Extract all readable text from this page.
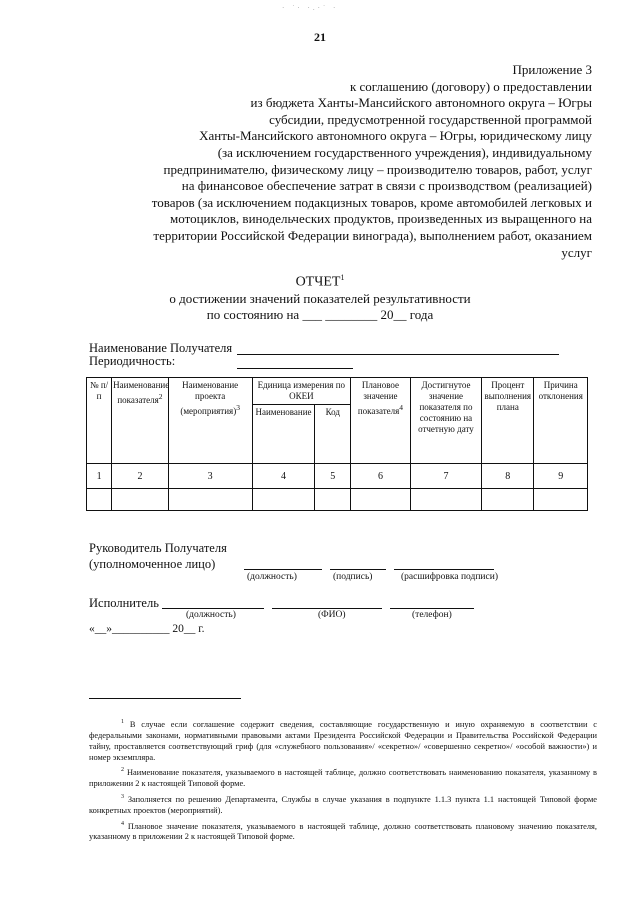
· ˙· ·.·˙ ·
21
Приложение 3
к соглашению (договору) о предоставлении
из бюджета Ханты-Мансийского автономного округа – Югры
субсидии, предусмотренной государственной программой
Ханты-Мансийского автономного округа – Югры, юридическому лицу
(за исключением государственного учреждения), индивидуальному
предпринимателю, физическому лицу – производителю товаров, работ, услуг
на финансовое обеспечение затрат в связи с производством (реализацией)
товаров (за исключением подакцизных товаров, кроме автомобилей легковых и
мотоциклов, винодельческих продуктов, произведенных из выращенного на
территории Российской Федерации винограда), выполнением работ, оказанием
услуг
ОТЧЕТ$^1$
о достижении значений показателей результативности
по состоянию на ___ ________ 20__ года
Наименование Получателя
Периодичность:
№ п/п	Наименование показателя$^2$	Наименование проекта (мероприятия)$^3$	Единица измерения по ОКЕИ		Плановое значение показателя$^4$	Достигнутое значение показателя по состоянию на отчетную дату	Процент выполнения плана	Причина отклонения
			Наименование	Код				
1	2	3	4	5	6	7	8	9

Руководитель Получателя
(уполномоченное лицо)
(должность)	(подпись)	(расшифровка подписи)
Исполнитель
(должность)	(ФИО)	(телефон)
«__»__________ 20__ г.

$^1$ В случае если соглашение содержит сведения, составляющие государственную и иную охраняемую в соответствии с федеральными законами, нормативными правовыми актами Президента Российской Федерации и Правительства Российской Федерации тайну, проставляется соответствующий гриф (для «служебного пользования»/ «секретно»/ «совершенно секретно»/ «особой важности») и номер экземпляра.

$^2$ Наименование показателя, указываемого в настоящей таблице, должно соответствовать наименованию показателя, указанному в приложении 2 к настоящей Типовой форме.

$^3$ Заполняется по решению Департамента, Службы в случае указания в подпункте 1.1.3 пункта 1.1 настоящей Типовой форме конкретных проектов (мероприятий).

$^4$ Плановое значение показателя, указываемого в настоящей таблице, должно соответствовать плановому значению показателя, указанному в приложении 2 к настоящей Типовой форме.
